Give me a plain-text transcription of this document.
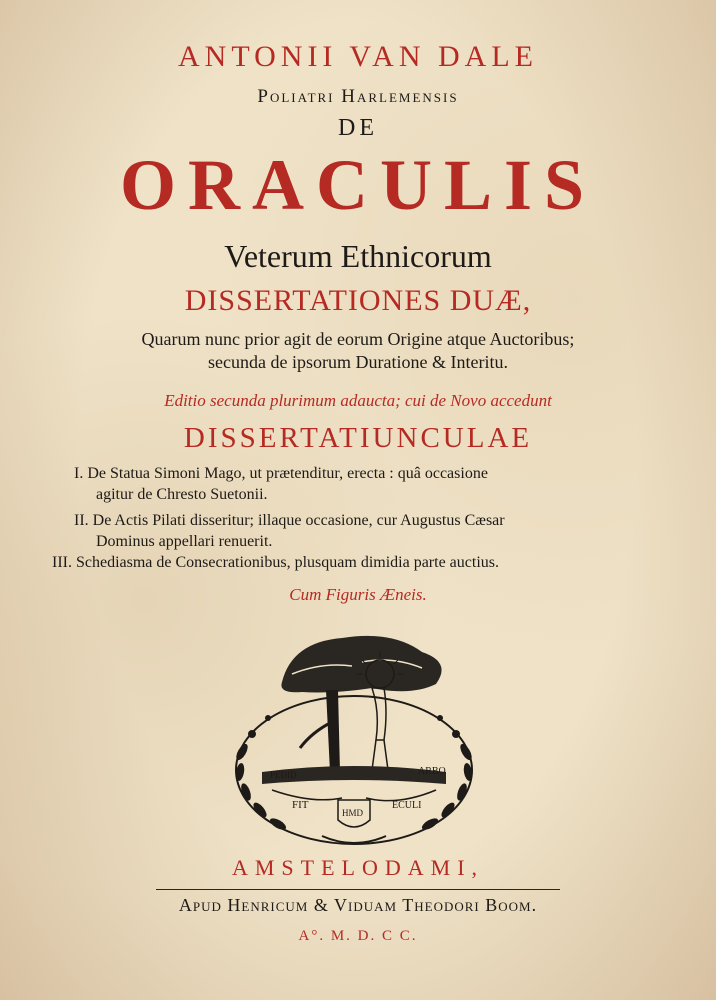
ANTONII VAN DALE
Poliatri Harlemensis
DE
ORACULIS
Veterum Ethnicorum
DISSERTATIONES DUÆ,
Quarum nunc prior agit de eorum Origine atque Auctoribus;
secunda de ipsorum Duratione & Interitu.
Editio secunda plurimum adaucta; cui de Novo accedunt
DISSERTATIUNCULAE
I. De Statua Simoni Mago, ut prætenditur, erecta : quâ occasione
agitur de Chresto Suetonii.
II. De Actis Pilati disseritur; illaque occasione, cur Augustus Cæsar
Dominus appellari renuerit.
III. Schediasma de Consecrationibus, plusquam dimidia parte auctius.
Cum Figuris Æneis.
FIT
ARBO
PEDID
ECULI
HMD
AMSTELODAMI,
Apud Henricum & Viduam Theodori Boom.
A°. M. D. C C.
